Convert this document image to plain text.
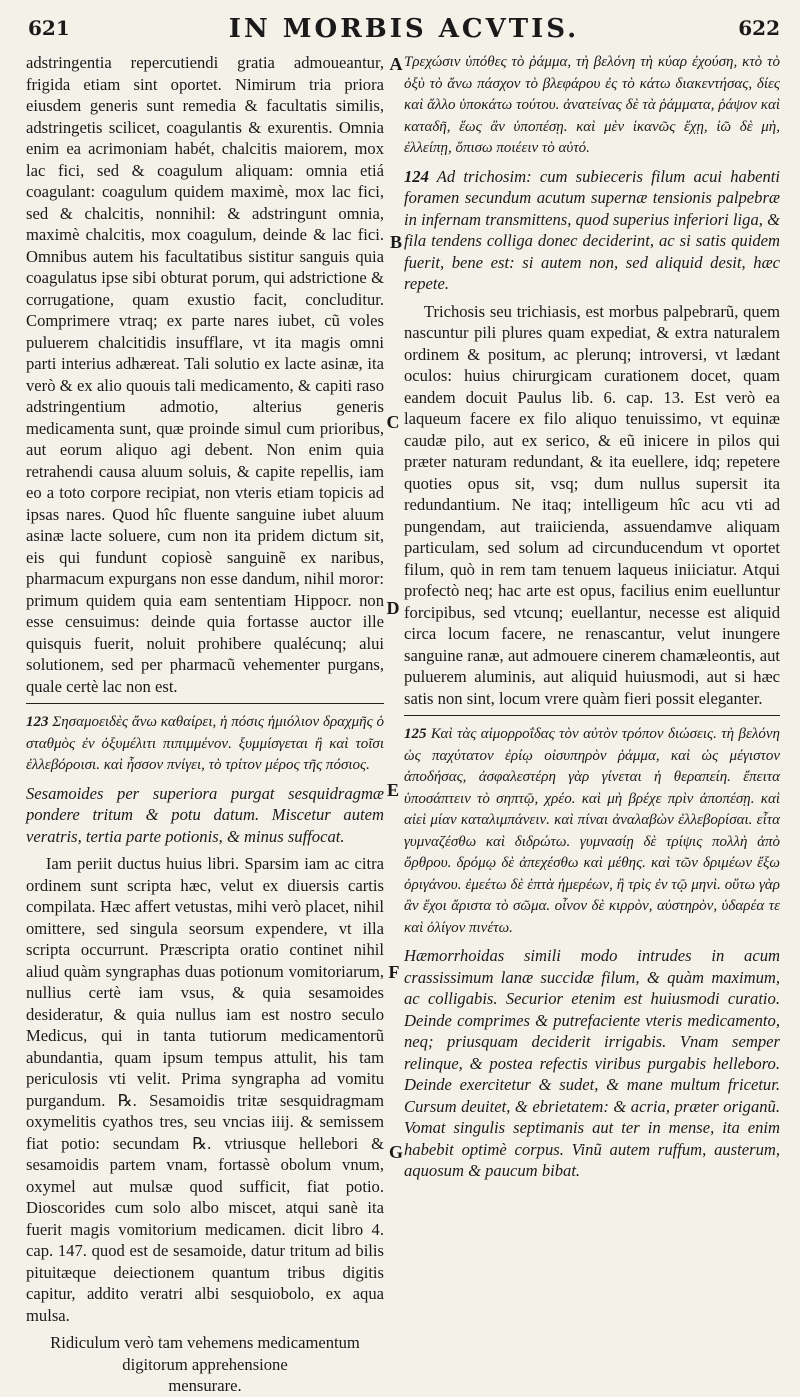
621	IN MORBIS ACVTIS.	622
A
B
C
D
E
F
G

adstringentia repercutiendi gratia admoueantur, frigida etiam sint oportet. Nimirum tria priora eiusdem generis sunt remedia & facultatis similis, adstringetis scilicet, coagulantis & exurentis. Omnia enim ea acrimoniam habét, chalcitis maiorem, mox lac fici, sed & coagulum aliquam: omnia etiá coagulant: coagulum quidem maximè, mox lac fici, sed & chalcitis, nonnihil: & adstringunt omnia, maximè chalcitis, mox coagulum, deinde & lac fici. Omnibus autem his facultatibus sistitur sanguis quia coagulatus ipse sibi obturat porum, qui adstrictione & corrugatione, quam exustio facit, concluditur. Comprimere vtraq; ex parte nares iubet, cũ voles puluerem chalcitidis insufflare, vt ita magis omni parti interius adhæreat. Tali solutio ex lacte asinæ, ita verò & ex alio quouis tali medicamento, & capiti raso adstringentium admotio, alterius generis medicamenta sunt, quæ proinde simul cum prioribus, aut eorum aliquo agi debent. Non enim quia retrahendi causa aluum soluis, & capite repellis, iam eo a toto corpore recipiat, non vteris etiam topicis ad ipsas nares. Quod hîc fluente sanguine iubet aluum asinæ lacte soluere, cum non ita pridem dictum sit, eis qui fundunt copiosè sanguinẽ ex naribus, pharmacum expurgans non esse dandum, nihil moror: primum quidem quia eam sententiam Hippocr. non esse censuimus: deinde quia fortasse auctor ille quisquis fuerit, noluit prohibere qualécunq; alui solutionem, sed per pharmacũ vehementer purgans, quale certè lac non est.

123 Σησαμοειδὲς ἄνω καθαίρει, ἡ πόσις ἡμιόλιον δραχμῆς ὁ σταθμὸς ἐν ὀξυμέλιτι πιπιμμένον. ξυμμίσγεται ἢ καὶ τοῖσι ἐλλεβόροισι. καὶ ἧσσον πνίγει, τὸ τρίτον μέρος τῆς πόσιος.

Sesamoides per superiora purgat sesquidragmæ pondere tritum & potu datum. Miscetur autem veratris, tertia parte potionis, & minus suffocat.

Iam periit ductus huius libri. Sparsim iam ac citra ordinem sunt scripta hæc, velut ex diuersis cartis compilata. Hæc affert vetustas, mihi verò placet, nihil omittere, sed singula seorsum expendere, vt illa scripta occurrunt. Præscripta oratio continet nihil aliud quàm syngraphas duas potionum vomitoriarum, nullius certè iam vsus, & quia sesamoides desideratur, & quia nullus iam est nostro seculo Medicus, qui in tanta tutiorum medicamentorũ abundantia, quam ipsum tempus attulit, his tam periculosis vti velit. Prima syngrapha ad vomitu purgandum. ℞. Sesamoidis tritæ sesquidragmam oxymelitis cyathos tres, seu vncias iiij. & semissem fiat potio: secundam ℞. vtriusque hellebori & sesamoidis partem vnam, fortassè obolum vnum, oxymel aut mulsæ quod sufficit, fiat potio. Dioscorides cum solo albo miscet, atqui sanè ita fuerit magis vomitorium medicamen. dicit libro 4. cap. 147. quod est de sesamoide, datur tritum ad bilis pituitæque deiectionem quantum tribus digitis capitur, addito veratri albi sesquiobolo, ex aqua mulsa.

Ridiculum verò tam vehemens medicamentum digitorum apprehensione

mensurare.

Τρεχώσιν ὑπόθες τὸ ῥάμμα, τὴ βελόνη τὴ κύαρ ἐχούση, κτὸ τὸ ὀξὺ τὸ ἄνω πάσχον τὸ βλεφάρου ἐς τὸ κάτω διακεντήσας, δίες καὶ ἄλλο ὑποκάτω τούτου. ἀνατείνας δὲ τὰ ῥάμματα, ῥάψον καὶ καταδῆ, ἕως ἂν ὑποπέσῃ. καὶ μὲν ἱκανῶς ἔχῃ, ἰῶ δὲ μὴ, ἐλλείπῃ, ὅπισω ποιέειν τὸ αὐτό.

124 Ad trichosim: cum subieceris filum acui habenti foramen secundum acutum supernæ tensionis palpebræ in infernam transmittens, quod superius inferiori liga, & fila tendens colliga donec deciderint, ac si satis quidem fuerit, bene est: si autem non, sed aliquid desit, hæc repete.

Trichosis seu trichiasis, est morbus palpebrarũ, quem nascuntur pili plures quam expediat, & extra naturalem ordinem & positum, ac plerunq; introversi, vt lædant oculos: huius chirurgicam curationem docet, quam eandem docuit Paulus lib. 6. cap. 13. Est verò ea laqueum facere ex filo aliquo tenuissimo, vt equinæ caudæ pilo, aut ex serico, & eũ inicere in pilos qui præter naturam redundant, & ita euellere, idq; repetere quoties opus sit, vsq; dum nullus supersit ita redundantium. Ne itaq; intelligeum hîc acu vti ad pungendam, aut traiicienda, assuendamve aliquam particulam, sed solum ad circunducendum vt oportet filum, quò in rem tam tenuem laqueus iniiciatur. Atqui profectò neq; hac arte est opus, facilius enim euelluntur forcipibus, sed vtcunq; euellantur, necesse est aliquid circa locum facere, ne renascantur, velut inungere sanguine ranæ, aut admouere cinerem chamæleontis, aut puluerem aluminis, aut aliquid huiusmodi, aut si hæc satis non sint, locum vrere quàm fieri possit eleganter.

125 Καὶ τὰς αἱμορροΐδας τὸν αὐτὸν τρόπον διώσεις. τὴ βελόνη ὡς παχύτατον ἐρίῳ οἰσυπηρὸν ῥάμμα, καὶ ὡς μέγιστον ἀποδήσας, ἀσφαλεστέρη γὰρ γίνεται ἡ θεραπείη. ἔπειτα ὑποσάπτειν τὸ σηπτῷ, χρέο. καὶ μὴ βρέχε πρὶν ἀποπέσῃ. καὶ αἰεὶ μίαν καταλιμπάνειν. καὶ πίναι ἀναλαβὼν ἐλλεβορίσαι. εἶτα γυμναζέσθω καὶ διδρώτω. γυμνασίῃ δὲ τρίψις πολλὴ ἀπὸ ὄρθρου. δρόμῳ δὲ ἀπεχέσθω καὶ μέθης. καὶ τῶν δριμέων ἔξω ὀριγάνου. ἐμεέτω δὲ ἑπτὰ ἡμερέων, ἢ τρὶς ἐν τῷ μηνὶ. οὕτω γὰρ ἂν ἔχοι ἄριστα τὸ σῶμα. οἶνον δὲ κιρρὸν, αὐστηρὸν, ὑδαρέα τε καὶ ὀλίγον πινέτω.

Hæmorrhoidas simili modo intrudes in acum crassissimum lanæ succidæ filum, & quàm maximum, ac colligabis. Securior etenim est huiusmodi curatio. Deinde comprimes & putrefaciente vteris medicamento, neq; priusquam deciderit irrigabis. Vnam semper relinque, & postea refectis viribus purgabis helleboro. Deinde exercitetur & sudet, & mane multum fricetur. Cursum deuitet, & ebrietatem: & acria, præter origanũ. Vomat singulis septimanis aut ter in mense, ita enim habebit optimè corpus. Vinũ autem ruffum, austerum, aquosum & paucum bibat.
